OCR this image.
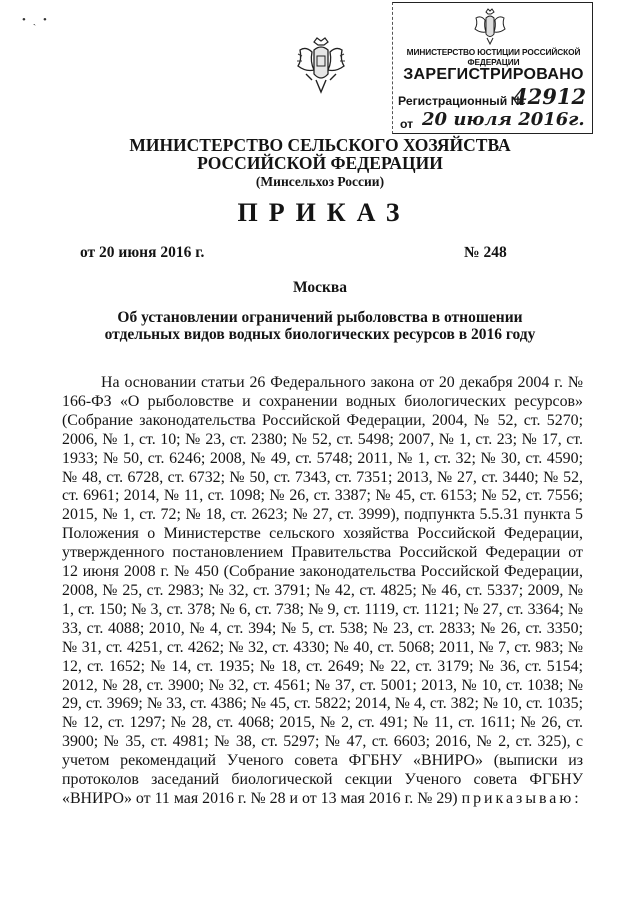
• ˏ •
МИНИСТЕРСТВО ЮСТИЦИИ РОССИЙСКОЙ ФЕДЕРАЦИИ
ЗАРЕГИСТРИРОВАНО
Регистрационный №
42912
от 20 июля 2016г.
МИНИСТЕРСТВО СЕЛЬСКОГО ХОЗЯЙСТВА
РОССИЙСКОЙ ФЕДЕРАЦИИ
(Минсельхоз России)
ПРИКАЗ
от 20 июня 2016 г.	№ 248
Москва
Об установлении ограничений рыболовства в отношении отдельных видов водных биологических ресурсов в 2016 году
На основании статьи 26 Федерального закона от 20 декабря 2004 г. № 166-ФЗ «О рыболовстве и сохранении водных биологических ресурсов» (Собрание законодательства Российской Федерации, 2004, № 52, ст. 5270; 2006, № 1, ст. 10; № 23, ст. 2380; № 52, ст. 5498; 2007, № 1, ст. 23; № 17, ст. 1933; № 50, ст. 6246; 2008, № 49, ст. 5748; 2011, № 1, ст. 32; № 30, ст. 4590; № 48, ст. 6728, ст. 6732; № 50, ст. 7343, ст. 7351; 2013, № 27, ст. 3440; № 52, ст. 6961; 2014, № 11, ст. 1098; № 26, ст. 3387; № 45, ст. 6153; № 52, ст. 7556; 2015, № 1, ст. 72; № 18, ст. 2623; № 27, ст. 3999), подпункта 5.5.31 пункта 5 Положения о Министерстве сельского хозяйства Российской Федерации, утвержденного постановлением Правительства Российской Федерации от 12 июня 2008 г. № 450 (Собрание законодательства Российской Федерации, 2008, № 25, ст. 2983; № 32, ст. 3791; № 42, ст. 4825; № 46, ст. 5337; 2009, № 1, ст. 150; № 3, ст. 378; № 6, ст. 738; № 9, ст. 1119, ст. 1121; № 27, ст. 3364; № 33, ст. 4088; 2010, № 4, ст. 394; № 5, ст. 538; № 23, ст. 2833; № 26, ст. 3350; № 31, ст. 4251, ст. 4262; № 32, ст. 4330; № 40, ст. 5068; 2011, № 7, ст. 983; № 12, ст. 1652; № 14, ст. 1935; № 18, ст. 2649; № 22, ст. 3179; № 36, ст. 5154; 2012, № 28, ст. 3900; № 32, ст. 4561; № 37, ст. 5001; 2013, № 10, ст. 1038; № 29, ст. 3969; № 33, ст. 4386; № 45, ст. 5822; 2014, № 4, ст. 382; № 10, ст. 1035; № 12, ст. 1297; № 28, ст. 4068; 2015, № 2, ст. 491; № 11, ст. 1611; № 26, ст. 3900; № 35, ст. 4981; № 38, ст. 5297; № 47, ст. 6603; 2016, № 2, ст. 325), с учетом рекомендаций Ученого совета ФГБНУ «ВНИРО» (выписки из протоколов заседаний биологической секции Ученого совета ФГБНУ «ВНИРО» от 11 мая 2016 г. № 28 и от 13 мая 2016 г. № 29) приказываю:
